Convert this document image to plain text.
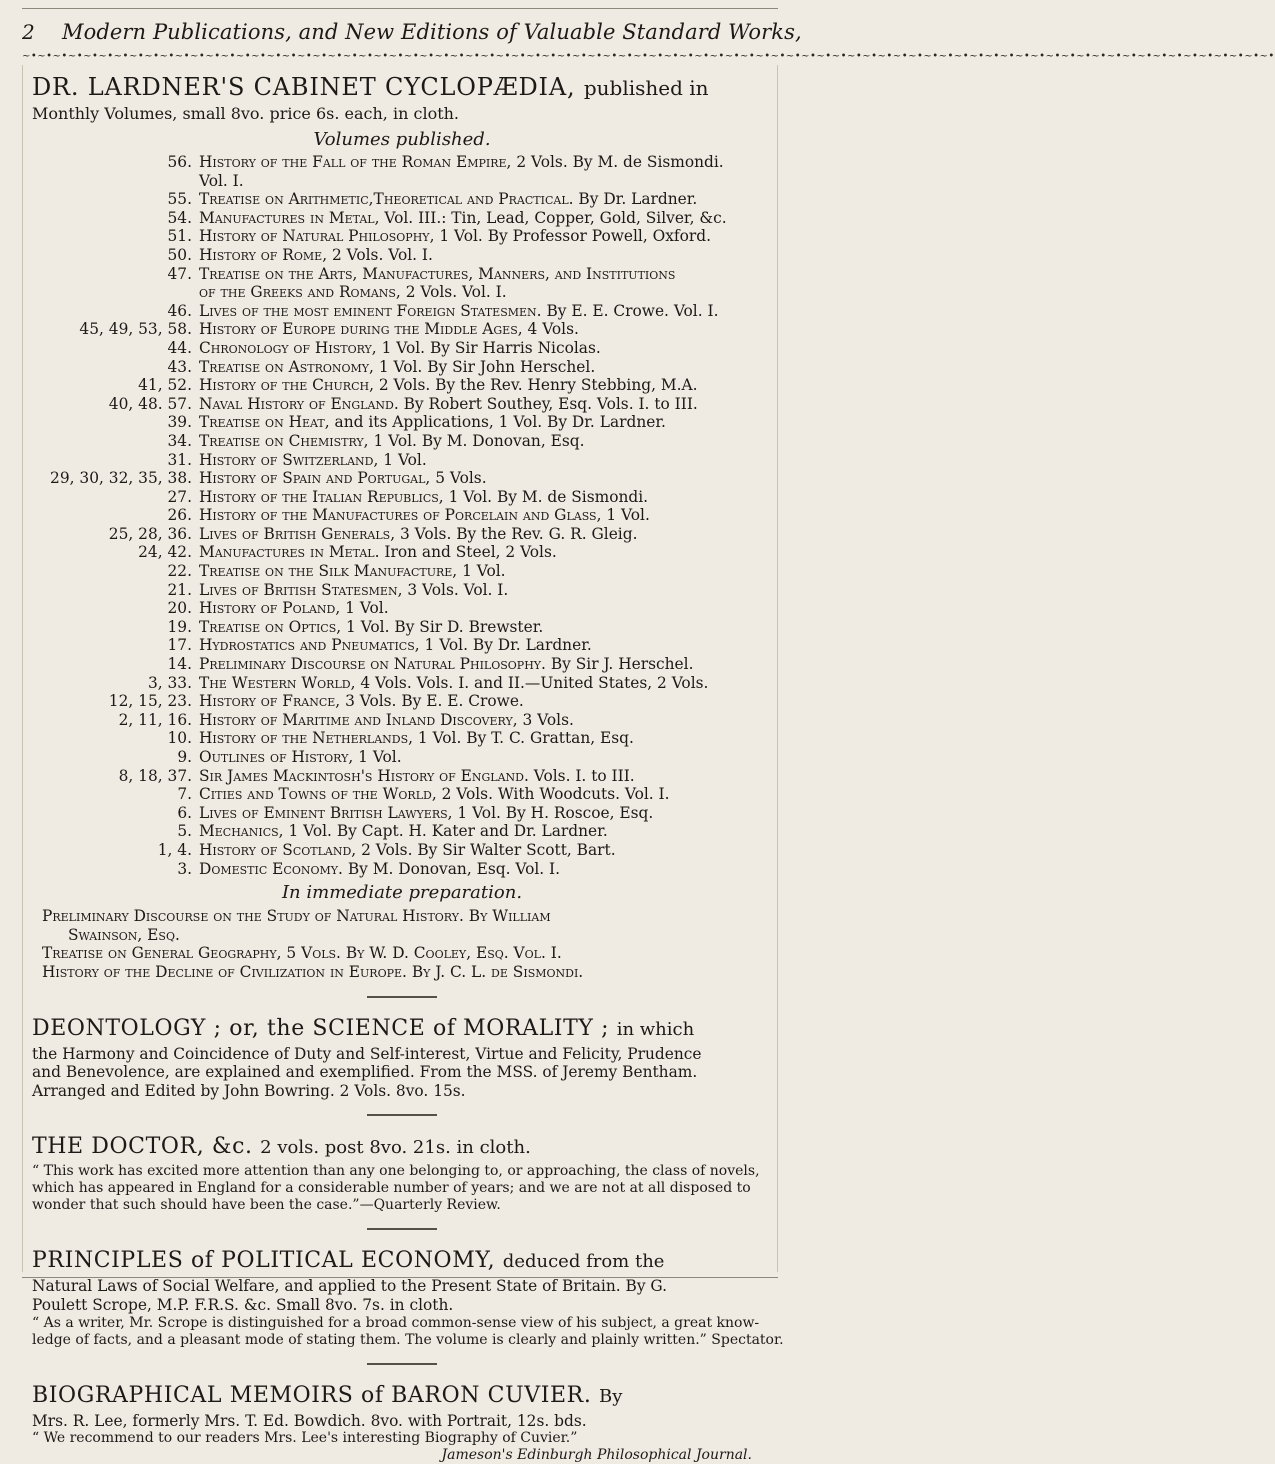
2 Modern Publications, and New Editions of Valuable Standard Works,
~•~•~•~•~•~•~•~•~•~•~•~•~•~•~•~•~•~•~•~•~•~•~•~•~•~•~•~•~•~•~•~•~•~•~•~•~•~•~•~•~•~•~•~•~•~•~•~•~•~•~•~•~•~•~•~•~•~•~•~•~•~•~•~•~•~•~•~•~•~•~•~•~•~•~•~•~•~•~•~•~•~•
DR. LARDNER'S CABINET CYCLOPÆDIA, published in
Monthly Volumes, small 8vo. price 6s. each, in cloth.
Volumes published.
56. History of the Fall of the Roman Empire, 2 Vols. By M. de Sismondi.
Vol. I.
55. Treatise on Arithmetic,Theoretical and Practical. By Dr. Lardner.
54. Manufactures in Metal, Vol. III.: Tin, Lead, Copper, Gold, Silver, &c.
51. History of Natural Philosophy, 1 Vol. By Professor Powell, Oxford.
50. History of Rome, 2 Vols. Vol. I.
47. Treatise on the Arts, Manufactures, Manners, and Institutions
of the Greeks and Romans, 2 Vols. Vol. I.
46. Lives of the most eminent Foreign Statesmen. By E. E. Crowe. Vol. I.
45, 49, 53, 58. History of Europe during the Middle Ages, 4 Vols.
44. Chronology of History, 1 Vol. By Sir Harris Nicolas.
43. Treatise on Astronomy, 1 Vol. By Sir John Herschel.
41, 52. History of the Church, 2 Vols. By the Rev. Henry Stebbing, M.A.
40, 48. 57. Naval History of England. By Robert Southey, Esq. Vols. I. to III.
39. Treatise on Heat, and its Applications, 1 Vol. By Dr. Lardner.
34. Treatise on Chemistry, 1 Vol. By M. Donovan, Esq.
31. History of Switzerland, 1 Vol.
29, 30, 32, 35, 38. History of Spain and Portugal, 5 Vols.
27. History of the Italian Republics, 1 Vol. By M. de Sismondi.
26. History of the Manufactures of Porcelain and Glass, 1 Vol.
25, 28, 36. Lives of British Generals, 3 Vols. By the Rev. G. R. Gleig.
24, 42. Manufactures in Metal. Iron and Steel, 2 Vols.
22. Treatise on the Silk Manufacture, 1 Vol.
21. Lives of British Statesmen, 3 Vols. Vol. I.
20. History of Poland, 1 Vol.
19. Treatise on Optics, 1 Vol. By Sir D. Brewster.
17. Hydrostatics and Pneumatics, 1 Vol. By Dr. Lardner.
14. Preliminary Discourse on Natural Philosophy. By Sir J. Herschel.
3, 33. The Western World, 4 Vols. Vols. I. and II.—United States, 2 Vols.
12, 15, 23. History of France, 3 Vols. By E. E. Crowe.
2, 11, 16. History of Maritime and Inland Discovery, 3 Vols.
10. History of the Netherlands, 1 Vol. By T. C. Grattan, Esq.
9. Outlines of History, 1 Vol.
8, 18, 37. Sir James Mackintosh's History of England. Vols. I. to III.
7. Cities and Towns of the World, 2 Vols. With Woodcuts. Vol. I.
6. Lives of Eminent British Lawyers, 1 Vol. By H. Roscoe, Esq.
5. Mechanics, 1 Vol. By Capt. H. Kater and Dr. Lardner.
1, 4. History of Scotland, 2 Vols. By Sir Walter Scott, Bart.
3. Domestic Economy. By M. Donovan, Esq. Vol. I.
In immediate preparation.
Preliminary Discourse on the Study of Natural History. By William
Swainson, Esq.
Treatise on General Geography, 5 Vols. By W. D. Cooley, Esq. Vol. I.
History of the Decline of Civilization in Europe. By J. C. L. de Sismondi.
DEONTOLOGY ; or, the SCIENCE of MORALITY ; in which
the Harmony and Coincidence of Duty and Self-interest, Virtue and Felicity, Prudence
and Benevolence, are explained and exemplified. From the MSS. of Jeremy Bentham.
Arranged and Edited by John Bowring. 2 Vols. 8vo. 15s.
THE DOCTOR, &c. 2 vols. post 8vo. 21s. in cloth.
“ This work has excited more attention than any one belonging to, or approaching, the class of novels,
which has appeared in England for a considerable number of years; and we are not at all disposed to
wonder that such should have been the case.”—Quarterly Review.
PRINCIPLES of POLITICAL ECONOMY, deduced from the
Natural Laws of Social Welfare, and applied to the Present State of Britain. By G.
Poulett Scrope, M.P. F.R.S. &c. Small 8vo. 7s. in cloth.
“ As a writer, Mr. Scrope is distinguished for a broad common-sense view of his subject, a great know-
ledge of facts, and a pleasant mode of stating them. The volume is clearly and plainly written.” Spectator.
BIOGRAPHICAL MEMOIRS of BARON CUVIER. By
Mrs. R. Lee, formerly Mrs. T. Ed. Bowdich. 8vo. with Portrait, 12s. bds.
“ We recommend to our readers Mrs. Lee's interesting Biography of Cuvier.”
Jameson's Edinburgh Philosophical Journal.
